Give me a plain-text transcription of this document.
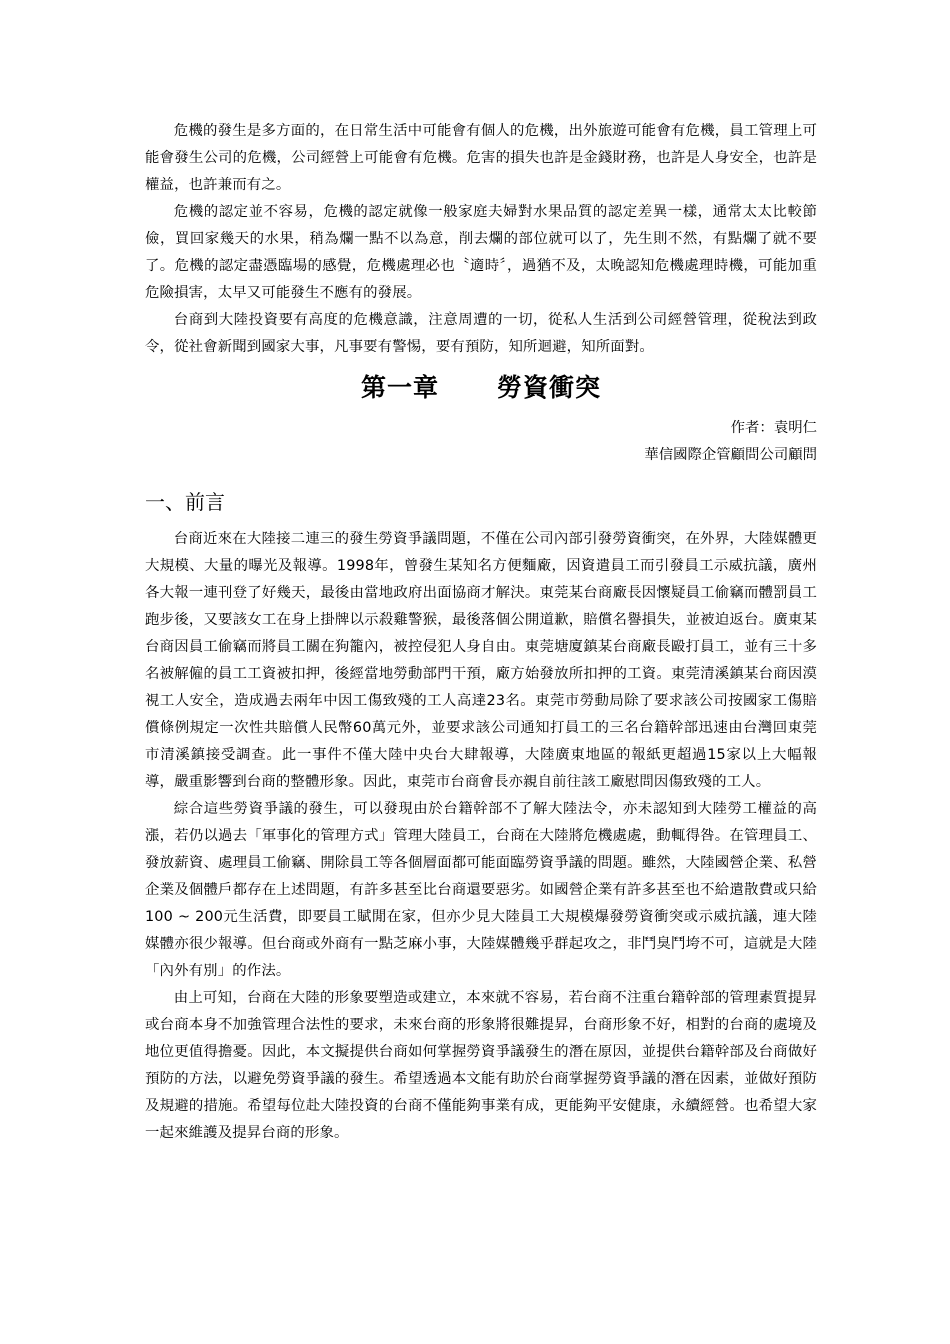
危機的發生是多方面的，在日常生活中可能會有個人的危機，出外旅遊可能會有危機，員工管理上可能會發生公司的危機，公司經營上可能會有危機。危害的損失也許是金錢財務，也許是人身安全，也許是權益，也許兼而有之。

危機的認定並不容易，危機的認定就像一般家庭夫婦對水果品質的認定差異一樣，通常太太比較節儉，買回家幾天的水果，稍為爛一點不以為意，削去爛的部位就可以了，先生則不然，有點爛了就不要了。危機的認定盡憑臨場的感覺，危機處理必也〝適時〞，過猶不及，太晚認知危機處理時機，可能加重危險損害，太早又可能發生不應有的發展。

台商到大陸投資要有高度的危機意識，注意周遭的一切，從私人生活到公司經營管理，從稅法到政令，從社會新聞到國家大事，凡事要有警惕，要有預防，知所迴避，知所面對。

第一章 勞資衝突

作者：袁明仁

華信國際企管顧問公司顧問

一、前言

台商近來在大陸接二連三的發生勞資爭議問題，不僅在公司內部引發勞資衝突，在外界，大陸媒體更大規模、大量的曝光及報導。1998年，曾發生某知名方便麵廠，因資遣員工而引發員工示威抗議，廣州各大報一連刊登了好幾天，最後由當地政府出面協商才解決。東莞某台商廠長因懷疑員工偷竊而體罰員工跑步後，又要該女工在身上掛牌以示殺雞警猴，最後落個公開道歉，賠償名譽損失，並被迫返台。廣東某台商因員工偷竊而將員工關在狗籠內，被控侵犯人身自由。東莞塘廈鎮某台商廠長毆打員工，並有三十多名被解僱的員工工資被扣押，後經當地勞動部門干預，廠方始發放所扣押的工資。東莞清溪鎮某台商因漠視工人安全，造成過去兩年中因工傷致殘的工人高達23名。東莞市勞動局除了要求該公司按國家工傷賠償條例規定一次性共賠償人民幣60萬元外，並要求該公司通知打員工的三名台籍幹部迅速由台灣回東莞市清溪鎮接受調查。此一事件不僅大陸中央台大肆報導，大陸廣東地區的報紙更超過15家以上大幅報導，嚴重影響到台商的整體形象。因此，東莞市台商會長亦親自前往該工廠慰問因傷致殘的工人。

綜合這些勞資爭議的發生，可以發現由於台籍幹部不了解大陸法令，亦未認知到大陸勞工權益的高漲，若仍以過去「軍事化的管理方式」管理大陸員工，台商在大陸將危機處處，動輒得咎。在管理員工、發放薪資、處理員工偷竊、開除員工等各個層面都可能面臨勞資爭議的問題。雖然，大陸國營企業、私營企業及個體戶都存在上述問題，有許多甚至比台商還要惡劣。如國營企業有許多甚至也不給遣散費或只給100 ~ 200元生活費，即要員工賦閒在家，但亦少見大陸員工大規模爆發勞資衝突或示威抗議，連大陸媒體亦很少報導。但台商或外商有一點芝麻小事，大陸媒體幾乎群起攻之，非鬥臭鬥垮不可，這就是大陸「內外有別」的作法。

由上可知，台商在大陸的形象要塑造或建立，本來就不容易，若台商不注重台籍幹部的管理素質提昇或台商本身不加強管理合法性的要求，未來台商的形象將很難提昇，台商形象不好，相對的台商的處境及地位更值得擔憂。因此，本文擬提供台商如何掌握勞資爭議發生的潛在原因，並提供台籍幹部及台商做好預防的方法，以避免勞資爭議的發生。希望透過本文能有助於台商掌握勞資爭議的潛在因素，並做好預防及規避的措施。希望每位赴大陸投資的台商不僅能夠事業有成，更能夠平安健康，永續經營。也希望大家一起來維護及提昇台商的形象。
